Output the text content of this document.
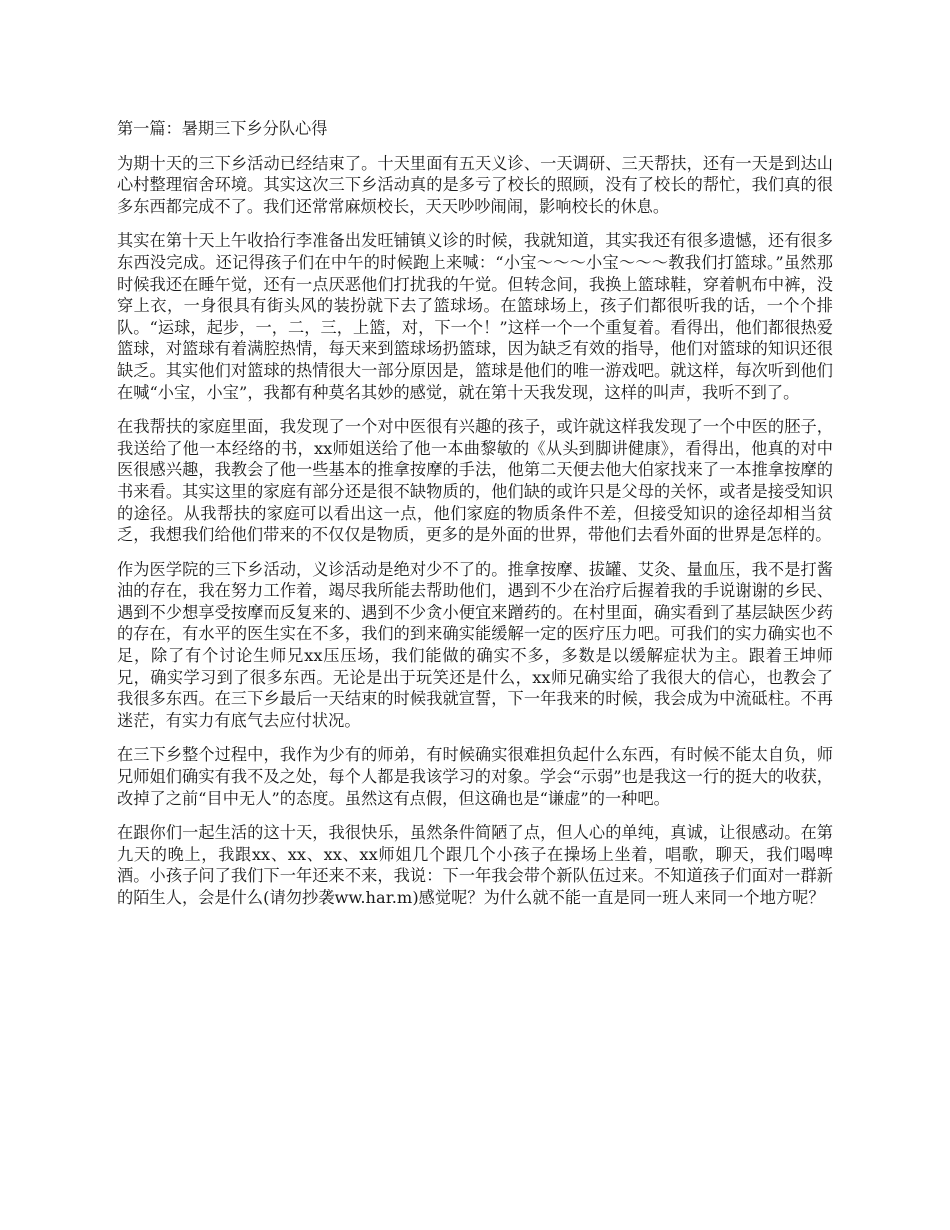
第一篇：暑期三下乡分队心得

为期十天的三下乡活动已经结束了。十天里面有五天义诊、一天调研、三天帮扶，还有一天是到达山心村整理宿舍环境。其实这次三下乡活动真的是多亏了校长的照顾，没有了校长的帮忙，我们真的很多东西都完成不了。我们还常常麻烦校长，天天吵吵闹闹，影响校长的休息。

其实在第十天上午收拾行李准备出发旺铺镇义诊的时候，我就知道，其实我还有很多遗憾，还有很多东西没完成。还记得孩子们在中午的时候跑上来喊：“小宝～～～小宝～～～教我们打篮球。”虽然那时候我还在睡午觉，还有一点厌恶他们打扰我的午觉。但转念间，我换上篮球鞋，穿着帆布中裤，没穿上衣，一身很具有街头风的装扮就下去了篮球场。在篮球场上，孩子们都很听我的话，一个个排队。“运球，起步，一，二，三，上篮，对，下一个！”这样一个一个重复着。看得出，他们都很热爱篮球，对篮球有着满腔热情，每天来到篮球场扔篮球，因为缺乏有效的指导，他们对篮球的知识还很缺乏。其实他们对篮球的热情很大一部分原因是，篮球是他们的唯一游戏吧。就这样，每次听到他们在喊“小宝，小宝”，我都有种莫名其妙的感觉，就在第十天我发现，这样的叫声，我听不到了。

在我帮扶的家庭里面，我发现了一个对中医很有兴趣的孩子，或许就这样我发现了一个中医的胚子，我送给了他一本经络的书，xx师姐送给了他一本曲黎敏的《从头到脚讲健康》，看得出，他真的对中医很感兴趣，我教会了他一些基本的推拿按摩的手法，他第二天便去他大伯家找来了一本推拿按摩的书来看。其实这里的家庭有部分还是很不缺物质的，他们缺的或许只是父母的关怀，或者是接受知识的途径。从我帮扶的家庭可以看出这一点，他们家庭的物质条件不差，但接受知识的途径却相当贫乏，我想我们给他们带来的不仅仅是物质，更多的是外面的世界，带他们去看外面的世界是怎样的。

作为医学院的三下乡活动，义诊活动是绝对少不了的。推拿按摩、拔罐、艾灸、量血压，我不是打酱油的存在，我在努力工作着，竭尽我所能去帮助他们，遇到不少在治疗后握着我的手说谢谢的乡民、遇到不少想享受按摩而反复来的、遇到不少贪小便宜来蹭药的。在村里面，确实看到了基层缺医少药的存在，有水平的医生实在不多，我们的到来确实能缓解一定的医疗压力吧。可我们的实力确实也不足，除了有个讨论生师兄xx压压场，我们能做的确实不多，多数是以缓解症状为主。跟着王坤师兄，确实学习到了很多东西。无论是出于玩笑还是什么，xx师兄确实给了我很大的信心，也教会了我很多东西。在三下乡最后一天结束的时候我就宣誓，下一年我来的时候，我会成为中流砥柱。不再迷茫，有实力有底气去应付状况。

在三下乡整个过程中，我作为少有的师弟，有时候确实很难担负起什么东西，有时候不能太自负，师兄师姐们确实有我不及之处，每个人都是我该学习的对象。学会“示弱”也是我这一行的挺大的收获，改掉了之前“目中无人”的态度。虽然这有点假，但这确也是“谦虚”的一种吧。

在跟你们一起生活的这十天，我很快乐，虽然条件简陋了点，但人心的单纯，真诚，让很感动。在第九天的晚上，我跟xx、xx、xx、xx师姐几个跟几个小孩子在操场上坐着，唱歌，聊天，我们喝啤酒。小孩子问了我们下一年还来不来，我说：下一年我会带个新队伍过来。不知道孩子们面对一群新的陌生人，会是什么(请勿抄袭ww.har.m)感觉呢？为什么就不能一直是同一班人来同一个地方呢？
